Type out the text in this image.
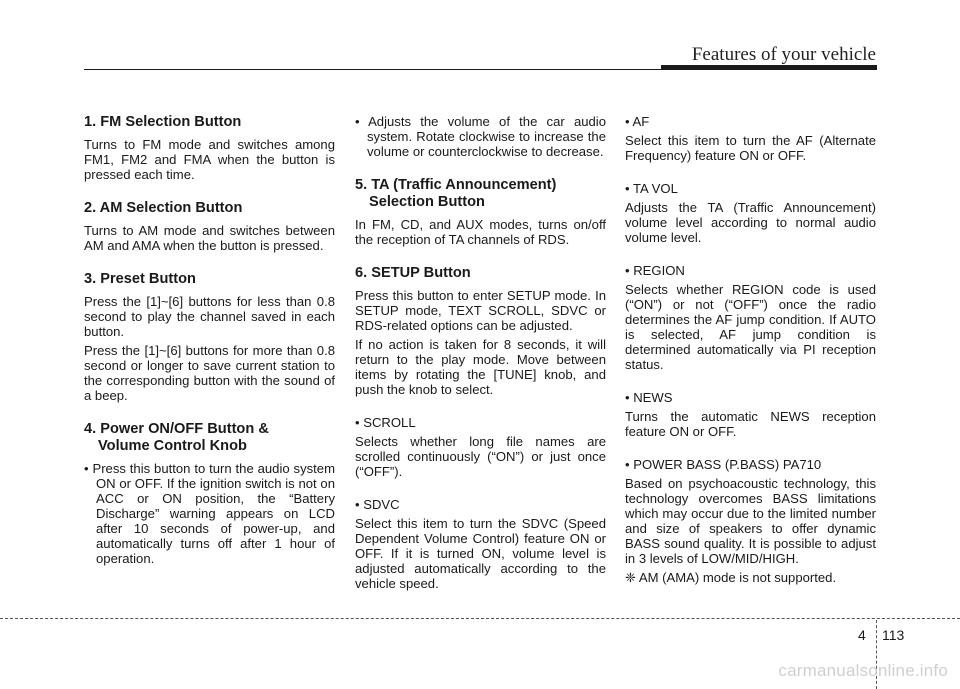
Features of your vehicle
1. FM Selection Button

Turns to FM mode and switches among FM1, FM2 and FMA when the button is pressed each time.

2. AM Selection Button

Turns to AM mode and switches between AM and AMA when the button is pressed.

3. Preset Button

Press the [1]~[6] buttons for less than 0.8 second to play the channel saved in each button.

Press the [1]~[6] buttons for more than 0.8 second or longer to save current station to the corresponding button with the sound of a beep.

4. Power ON/OFF Button &
Volume Control Knob

• Press this button to turn the audio system ON or OFF. If the ignition switch is not on ACC or ON position, the “Battery Discharge” warning appears on LCD after 10 seconds of power-up, and automatically turns off after 1 hour of operation.

• Adjusts the volume of the car audio system. Rotate clockwise to increase the volume or counterclockwise to decrease.

5. TA (Traffic Announcement)
Selection Button

In FM, CD, and AUX modes, turns on/off the reception of TA channels of RDS.

6. SETUP Button

Press this button to enter SETUP mode. In SETUP mode, TEXT SCROLL, SDVC or RDS-related options can be adjusted.

If no action is taken for 8 seconds, it will return to the play mode. Move between items by rotating the [TUNE] knob, and push the knob to select.

• SCROLL

Selects whether long file names are scrolled continuously (“ON”) or just once (“OFF”).

• SDVC

Select this item to turn the SDVC (Speed Dependent Volume Control) feature ON or OFF. If it is turned ON, volume level is adjusted automatically according to the vehicle speed.

• AF

Select this item to turn the AF (Alternate Frequency) feature ON or OFF.

• TA VOL

Adjusts the TA (Traffic Announcement) volume level according to normal audio volume level.

• REGION

Selects whether REGION code is used (“ON”) or not (“OFF”) once the radio determines the AF jump condition. If AUTO is selected, AF jump condition is determined automatically via PI reception status.

• NEWS

Turns the automatic NEWS reception feature ON or OFF.

• POWER BASS (P.BASS) PA710

Based on psychoacoustic technology, this technology overcomes BASS limitations which may occur due to the limited number and size of speakers to offer dynamic BASS sound quality. It is possible to adjust in 3 levels of LOW/MID/HIGH.

❈ AM (AMA) mode is not supported.

4 113
carmanualsonline.info
